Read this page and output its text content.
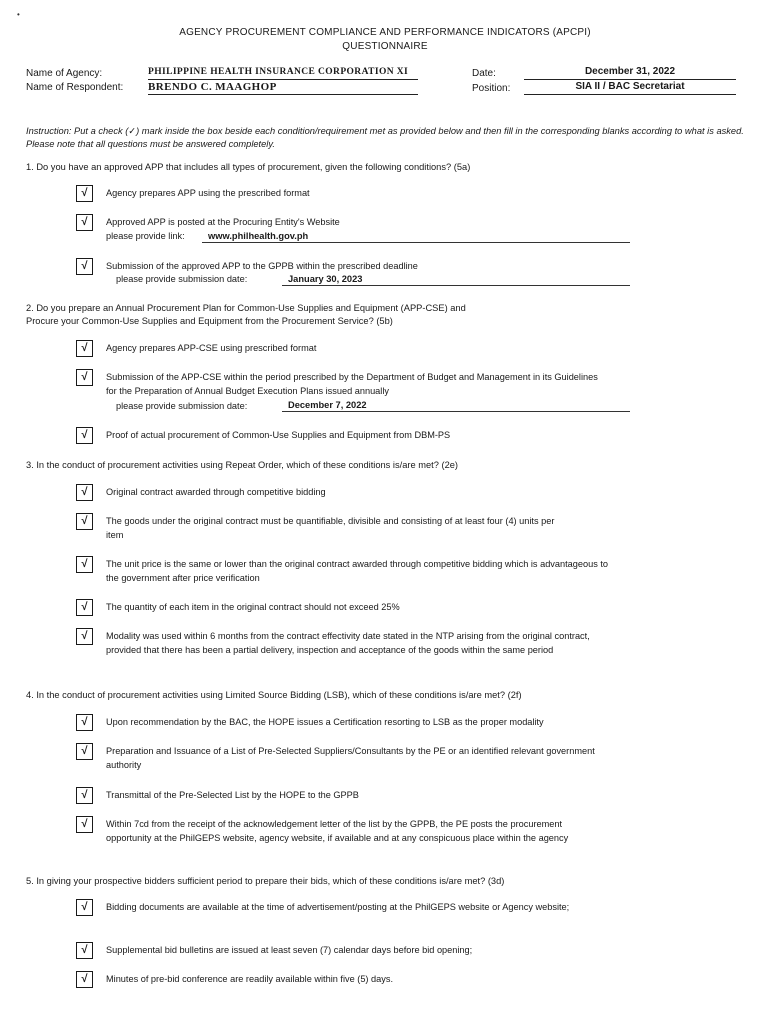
•
AGENCY PROCUREMENT COMPLIANCE AND PERFORMANCE INDICATORS (APCPI)
QUESTIONNAIRE
Name of Agency:	PHILIPPINE HEALTH INSURANCE CORPORATION XI
Name of Respondent: BRENDO C. MAAGHOP
Date:	December 31, 2022
Position:	SIA II / BAC Secretariat
Instruction: Put a check (✓) mark inside the box beside each condition/requirement met as provided below and then fill in the corresponding blanks according to what is asked. Please note that all questions must be answered completely.
1. Do you have an approved APP that includes all types of procurement, given the following conditions? (5a)
√	Agency prepares APP using the prescribed format
√	Approved APP is posted at the Procuring Entity's Website
please provide link:	www.philhealth.gov.ph
√	Submission of the approved APP to the GPPB within the prescribed deadline
please provide submission date:	January 30, 2023
2. Do you prepare an Annual Procurement Plan for Common-Use Supplies and Equipment (APP-CSE) and
Procure your Common-Use Supplies and Equipment from the Procurement Service? (5b)
√	Agency prepares APP-CSE using prescribed format
√	Submission of the APP-CSE within the period prescribed by the Department of Budget and Management in its Guidelines for the Preparation of Annual Budget Execution Plans issued annually
please provide submission date:	December 7, 2022
√	Proof of actual procurement of Common-Use Supplies and Equipment from DBM-PS
3. In the conduct of procurement activities using Repeat Order, which of these conditions is/are met? (2e)
√	Original contract awarded through competitive bidding
√	The goods under the original contract must be quantifiable, divisible and consisting of at least four (4) units per item
√	The unit price is the same or lower than the original contract awarded through competitive bidding which is advantageous to the government after price verification
√	The quantity of each item in the original contract should not exceed 25%
√	Modality was used within 6 months from the contract effectivity date stated in the NTP arising from the original contract, provided that there has been a partial delivery, inspection and acceptance of the goods within the same period
4. In the conduct of procurement activities using Limited Source Bidding (LSB), which of these conditions is/are met? (2f)
√	Upon recommendation by the BAC, the HOPE issues a Certification resorting to LSB as the proper modality
√	Preparation and Issuance of a List of Pre-Selected Suppliers/Consultants by the PE or an identified relevant government authority
√	Transmittal of the Pre-Selected List by the HOPE to the GPPB
√	Within 7cd from the receipt of the acknowledgement letter of the list by the GPPB, the PE posts the procurement opportunity at the PhilGEPS website, agency website, if available and at any conspicuous place within the agency
5. In giving your prospective bidders sufficient period to prepare their bids, which of these conditions is/are met? (3d)
√	Bidding documents are available at the time of advertisement/posting at the PhilGEPS website or Agency website;
√	Supplemental bid bulletins are issued at least seven (7) calendar days before bid opening;
√	Minutes of pre-bid conference are readily available within five (5) days.
